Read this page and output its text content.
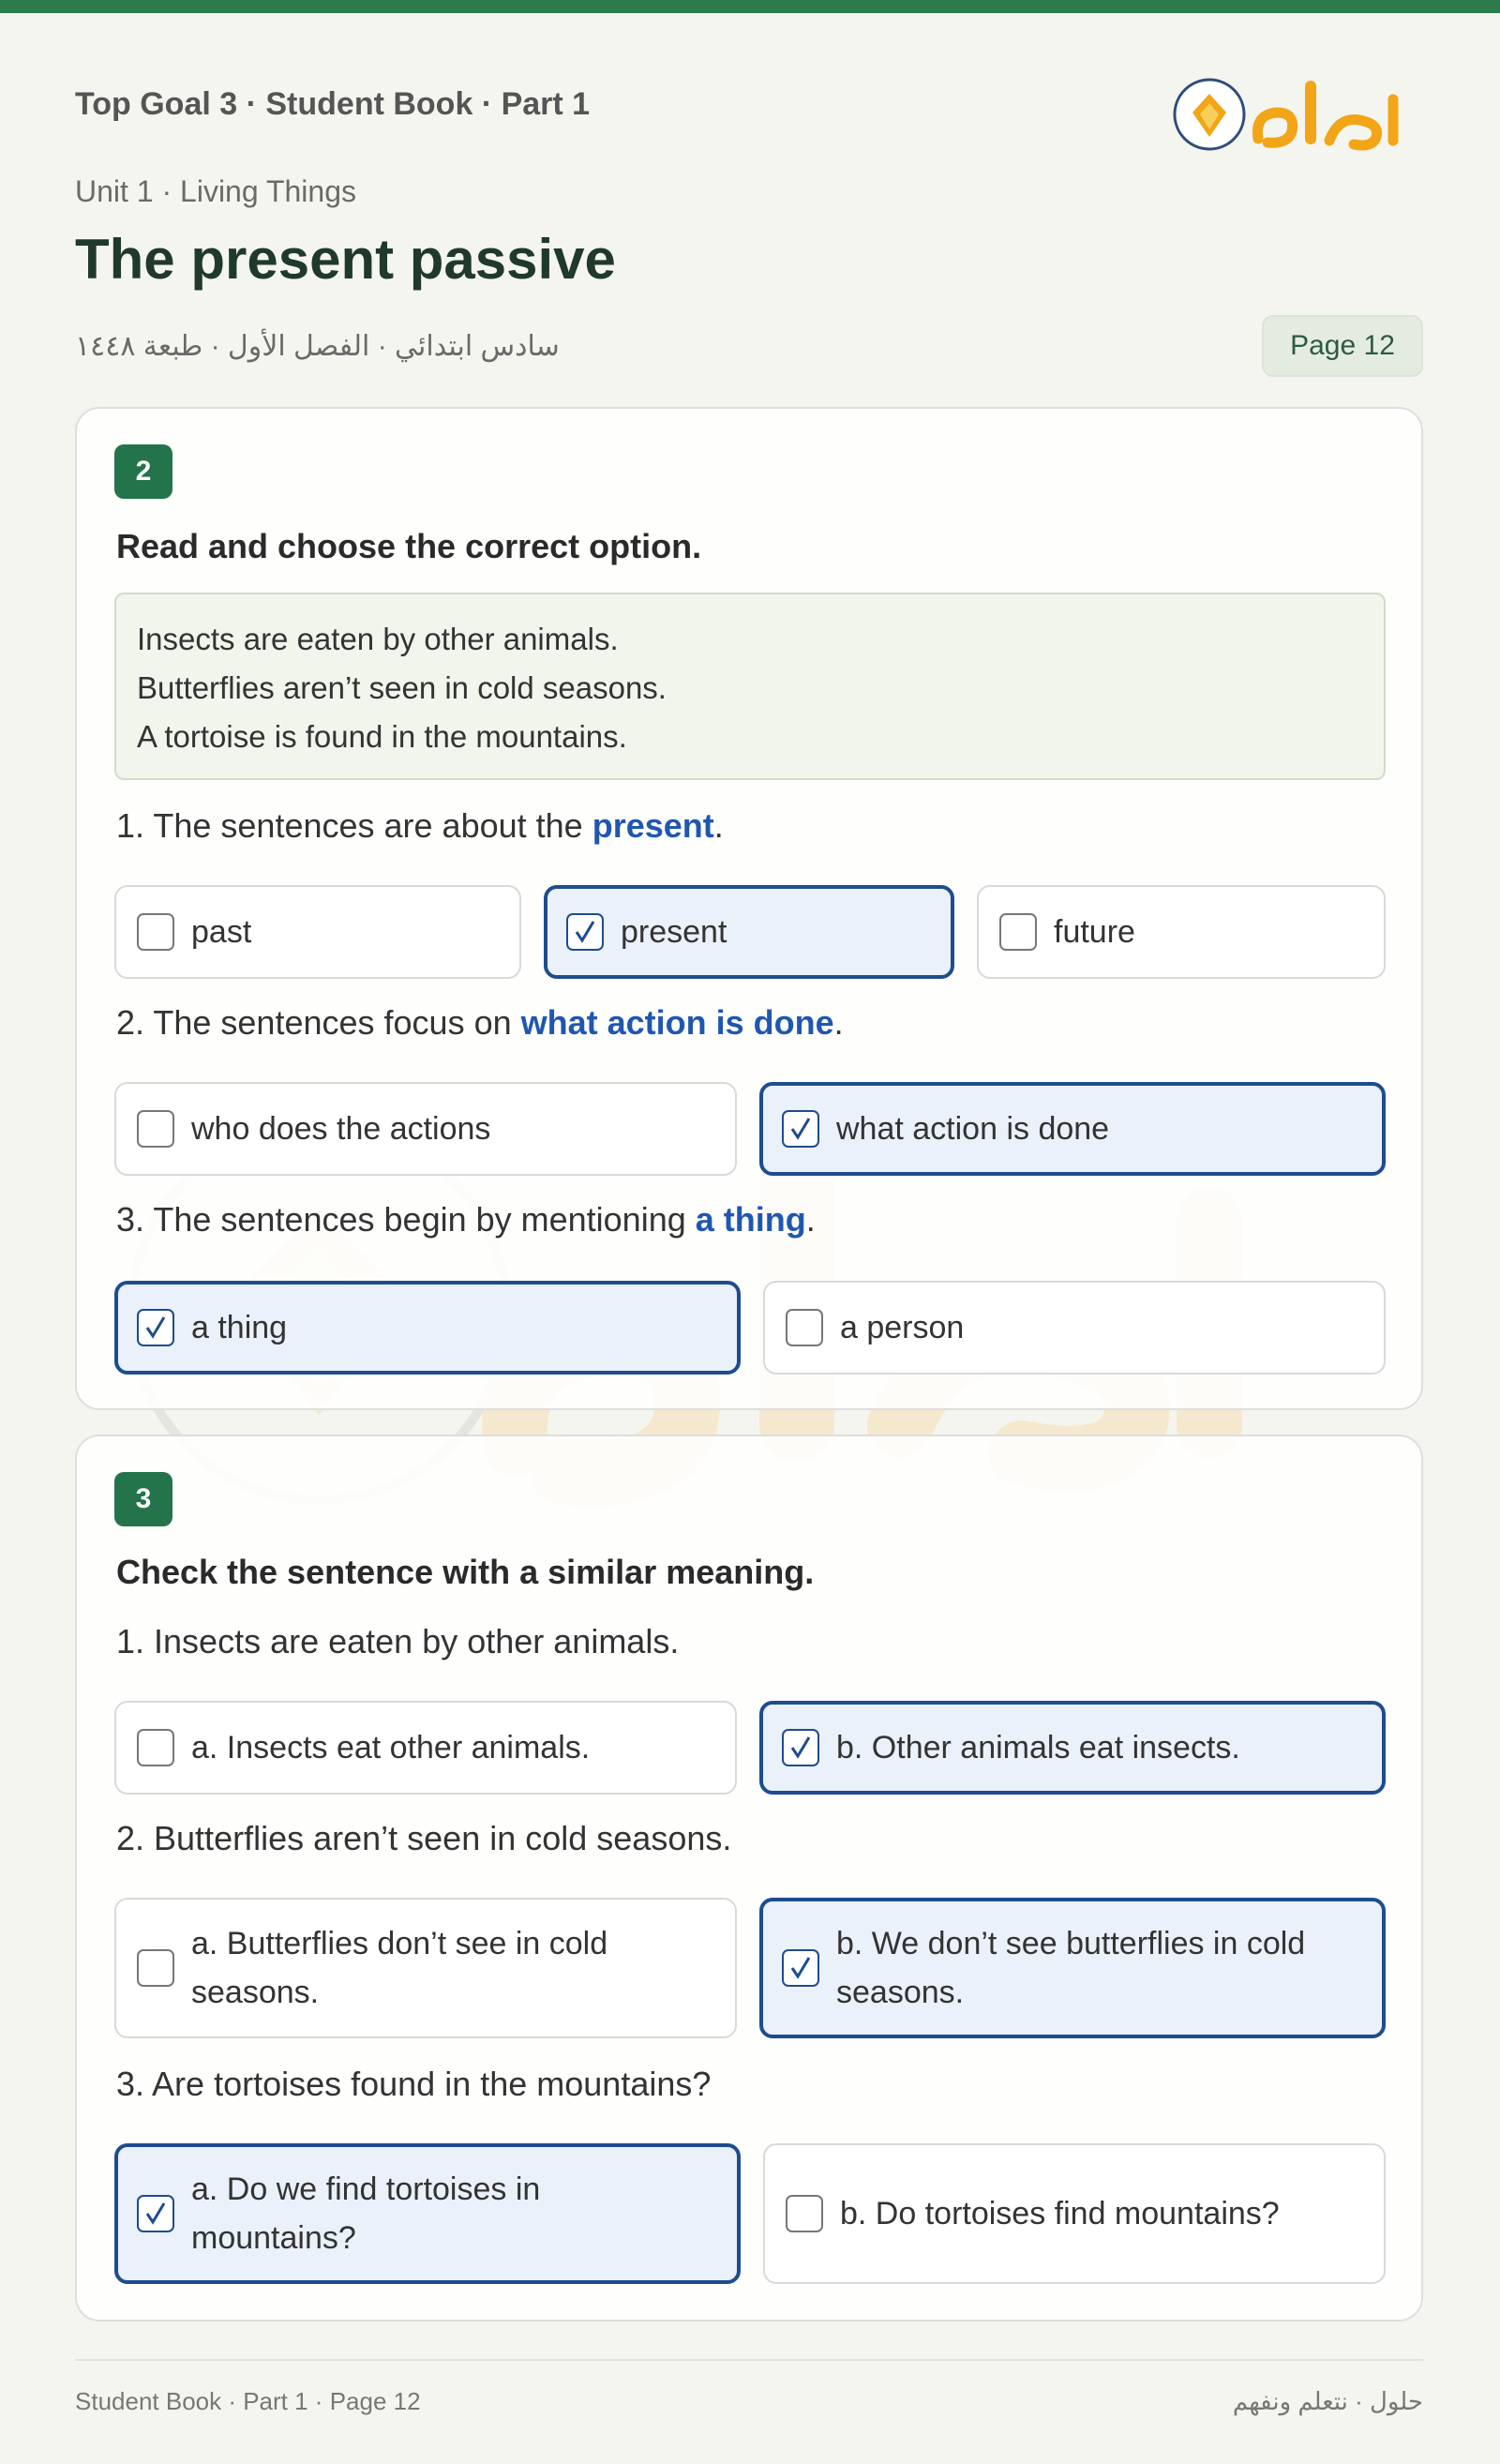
Top Goal 3 · Student Book · Part 1
Unit 1 · Living Things
The present passive
سادس ابتدائي · الفصل الأول · طبعة ١٤٤٨	Page 12
2
Read and choose the correct option.
Insects are eaten by other animals.
Butterflies aren’t seen in cold seasons.
A tortoise is found in the mountains.
1. The sentences are about the present.
past	present	future
2. The sentences focus on what action is done.
who does the actions	what action is done
3. The sentences begin by mentioning a thing.
a thing	a person
3
Check the sentence with a similar meaning.
1. Insects are eaten by other animals.
a. Insects eat other animals.	b. Other animals eat insects.
2. Butterflies aren’t seen in cold seasons.
a. Butterflies don’t see in cold
seasons.
b. We don’t see butterflies in cold
seasons.
3. Are tortoises found in the mountains?
a. Do we find tortoises in
mountains?
b. Do tortoises find mountains?
Student Book · Part 1 · Page 12	حلول · نتعلم ونفهم
